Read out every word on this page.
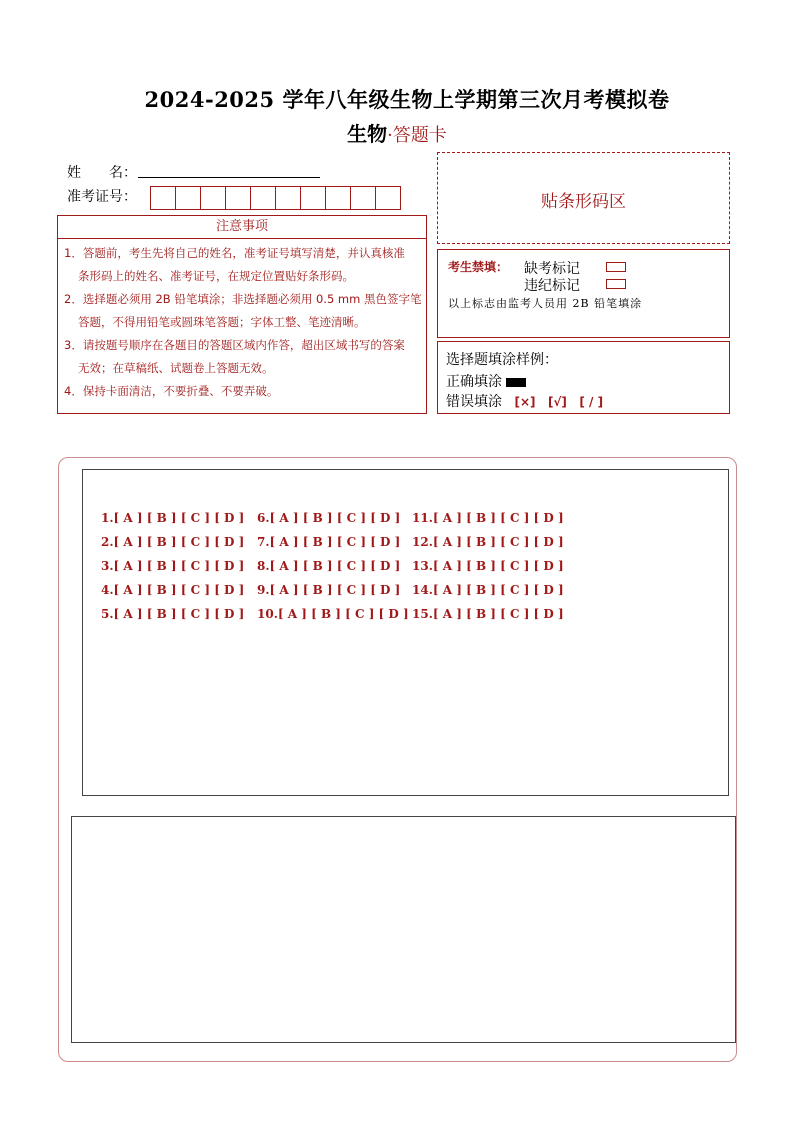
2024-2025 学年八年级生物上学期第三次月考模拟卷
生物·答题卡
姓　　名：
准考证号：
注意事项
1．答题前，考生先将自己的姓名，准考证号填写清楚，并认真核准
条形码上的姓名、准考证号，在规定位置贴好条形码。
2．选择题必须用 2B 铅笔填涂；非选择题必须用 0.5 mm 黑色签字笔
答题，不得用铅笔或圆珠笔答题；字体工整、笔迹清晰。
3．请按题号顺序在各题目的答题区域内作答，超出区域书写的答案
无效；在草稿纸、试题卷上答题无效。
4．保持卡面清洁，不要折叠、不要弄破。
贴条形码区
考生禁填： 缺考标记
违纪标记
以上标志由监考人员用 2B 铅笔填涂
选择题填涂样例：
正确填涂
错误填涂 [×] [√] [ / ]
1.[ A ] [ B ] [ C ] [ D ]
2.[ A ] [ B ] [ C ] [ D ]
3.[ A ] [ B ] [ C ] [ D ]
4.[ A ] [ B ] [ C ] [ D ]
5.[ A ] [ B ] [ C ] [ D ]
6.[ A ] [ B ] [ C ] [ D ]
7.[ A ] [ B ] [ C ] [ D ]
8.[ A ] [ B ] [ C ] [ D ]
9.[ A ] [ B ] [ C ] [ D ]
10.[ A ] [ B ] [ C ] [ D ]
11.[ A ] [ B ] [ C ] [ D ]
12.[ A ] [ B ] [ C ] [ D ]
13.[ A ] [ B ] [ C ] [ D ]
14.[ A ] [ B ] [ C ] [ D ]
15.[ A ] [ B ] [ C ] [ D ]
